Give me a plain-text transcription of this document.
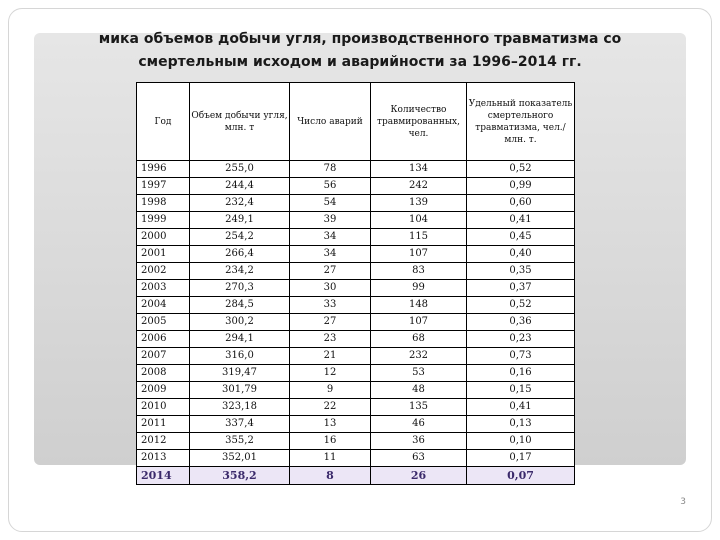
мика объемов добычи угля, производственного травматизма со
смертельным исходом и аварийности за 1996–2014 гг.
Год	Объем добычи угля, млн. т	Число аварий	Количество травмированных, чел.	Удельный показатель смертельного травматизма, чел./млн. т.
1996	255,0	78	134	0,52
1997	244,4	56	242	0,99
1998	232,4	54	139	0,60
1999	249,1	39	104	0,41
2000	254,2	34	115	0,45
2001	266,4	34	107	0,40
2002	234,2	27	83	0,35
2003	270,3	30	99	0,37
2004	284,5	33	148	0,52
2005	300,2	27	107	0,36
2006	294,1	23	68	0,23
2007	316,0	21	232	0,73
2008	319,47	12	53	0,16
2009	301,79	9	48	0,15
2010	323,18	22	135	0,41
2011	337,4	13	46	0,13
2012	355,2	16	36	0,10
2013	352,01	11	63	0,17
2014	358,2	8	26	0,07
3
